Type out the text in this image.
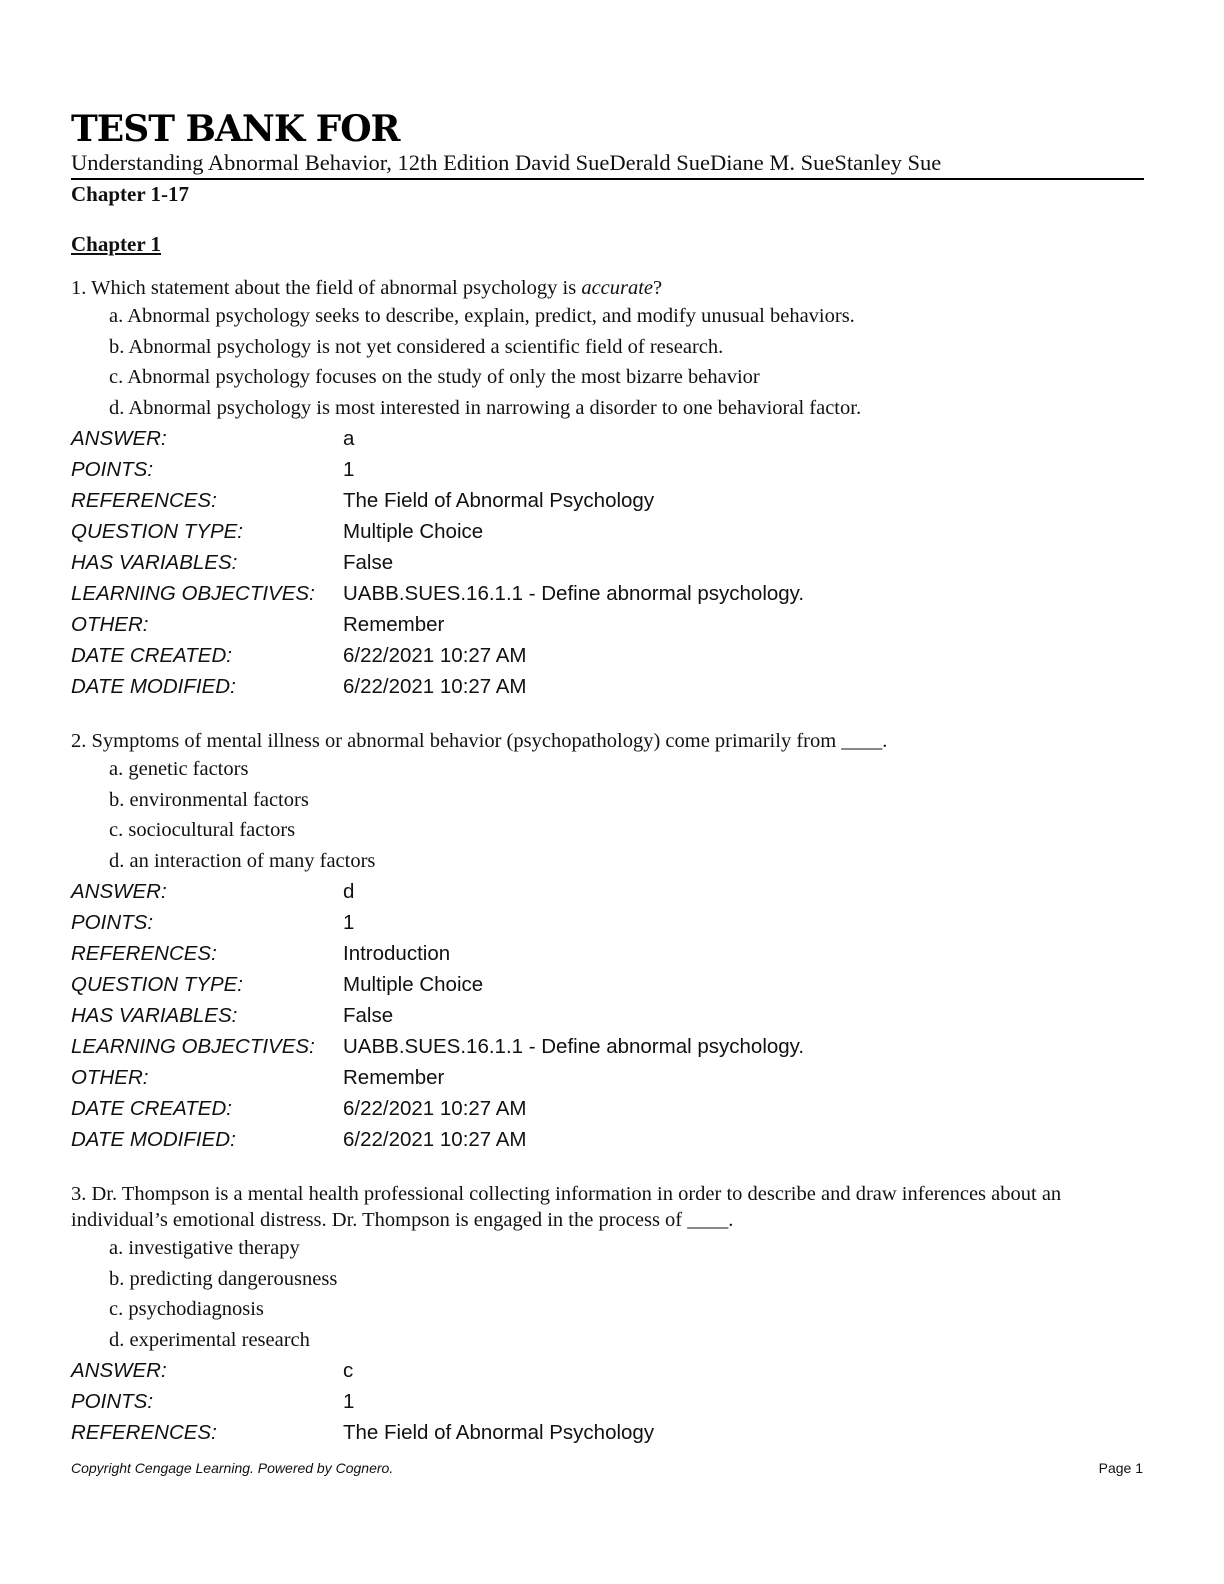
TEST BANK FOR

Understanding Abnormal Behavior, 12th Edition David SueDerald SueDiane M. SueStanley Sue

Chapter 1-17

Chapter 1

1. Which statement about the field of abnormal psychology is accurate?

a. Abnormal psychology seeks to describe, explain, predict, and modify unusual behaviors.
b. Abnormal psychology is not yet considered a scientific field of research.
c. Abnormal psychology focuses on the study of only the most bizarre behavior
d. Abnormal psychology is most interested in narrowing a disorder to one behavioral factor.
ANSWER:	a
POINTS:	1
REFERENCES:	The Field of Abnormal Psychology
QUESTION TYPE:	Multiple Choice
HAS VARIABLES:	False
LEARNING OBJECTIVES:	UABB.SUES.16.1.1 - Define abnormal psychology.
OTHER:	Remember
DATE CREATED:	6/22/2021 10:27 AM
DATE MODIFIED:	6/22/2021 10:27 AM

2. Symptoms of mental illness or abnormal behavior (psychopathology) come primarily from ____.

a. genetic factors
b. environmental factors
c. sociocultural factors
d. an interaction of many factors
ANSWER:	d
POINTS:	1
REFERENCES:	Introduction
QUESTION TYPE:	Multiple Choice
HAS VARIABLES:	False
LEARNING OBJECTIVES:	UABB.SUES.16.1.1 - Define abnormal psychology.
OTHER:	Remember
DATE CREATED:	6/22/2021 10:27 AM
DATE MODIFIED:	6/22/2021 10:27 AM

3. Dr. Thompson is a mental health professional collecting information in order to describe and draw inferences about an individual’s emotional distress. Dr. Thompson is engaged in the process of ____.

a. investigative therapy
b. predicting dangerousness
c. psychodiagnosis
d. experimental research
ANSWER:	c
POINTS:	1
REFERENCES:	The Field of Abnormal Psychology
Copyright Cengage Learning. Powered by Cognero.	Page 1
